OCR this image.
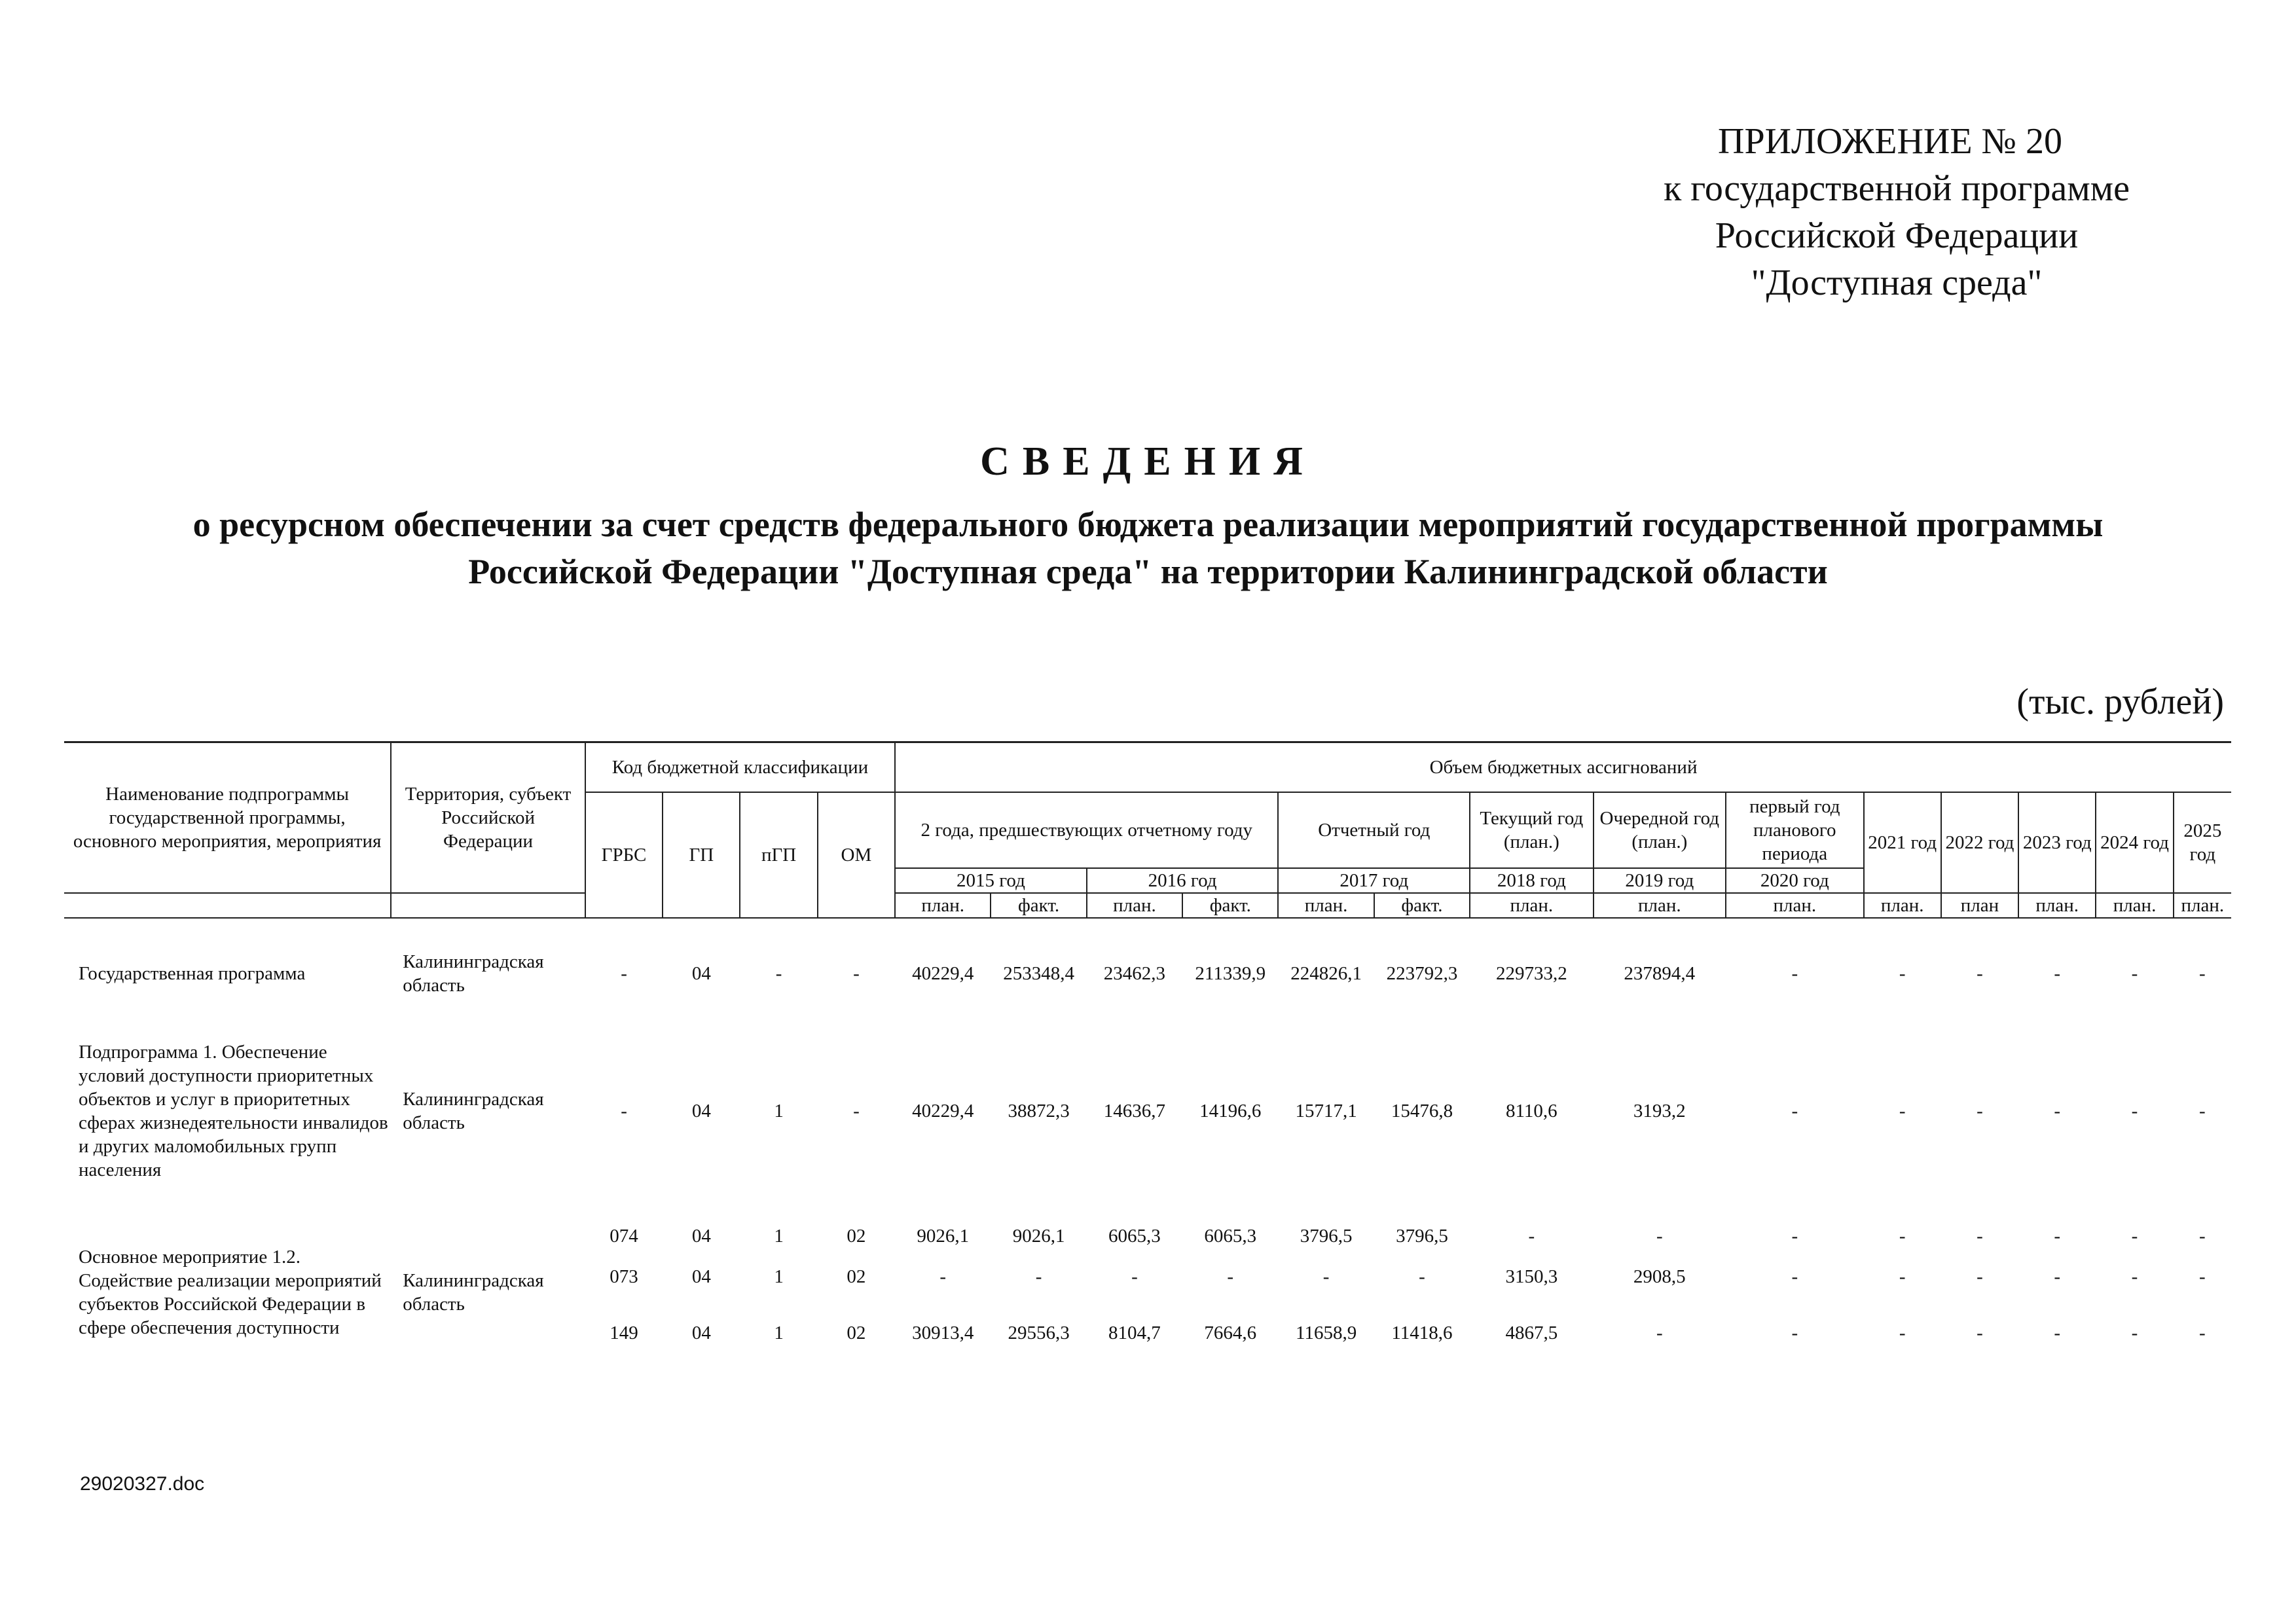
ПРИЛОЖЕНИЕ № 20
к государственной программе
Российской Федерации
"Доступная среда"
СВЕДЕНИЯ
о ресурсном обеспечении за счет средств федерального бюджета реализации мероприятий государственной программы
Российской Федерации "Доступная среда" на территории Калининградской области
(тыс. рублей)
Наименование подпрограммы государственной программы, основного мероприятия, мероприятия	Территория, субъект Российской Федерации	Код бюджетной классификации				Объем бюджетных ассигнований													
		ГРБС	ГП	пГП	ОМ	2 года, предшествующих отчетному году				Отчетный год		Текущий год (план.)	Очередной год (план.)	первый год планового периода	2021 год	2022 год	2023 год	2024 год	2025 год
						2015 год		2016 год		2017 год		2018 год	2019 год	2020 год					
						план.	факт.	план.	факт.	план.	факт.	план.	план.	план.	план.	план	план.	план.	план.

Государственная программа	Калининградская область	-	04	-	-	40229,4	253348,4	23462,3	211339,9	224826,1	223792,3	229733,2	237894,4	-	-	-	-	-	-
Подпрограмма 1. Обеспечение условий доступности приоритетных объектов и услуг в приоритетных сферах жизнедеятельности инвалидов и других маломобильных групп населения	Калининградская область	-	04	1	-	40229,4	38872,3	14636,7	14196,6	15717,1	15476,8	8110,6	3193,2	-	-	-	-	-	-
Основное мероприятие 1.2. Содействие реализации мероприятий субъектов Российской Федерации в сфере обеспечения доступности	Калининградская область	074	04	1	02	9026,1	9026,1	6065,3	6065,3	3796,5	3796,5	-	-	-	-	-	-	-	-
		073	04	1	02	-	-	-	-	-	-	3150,3	2908,5	-	-	-	-	-	-
		149	04	1	02	30913,4	29556,3	8104,7	7664,6	11658,9	11418,6	4867,5	-	-	-	-	-	-	-
29020327.doc
